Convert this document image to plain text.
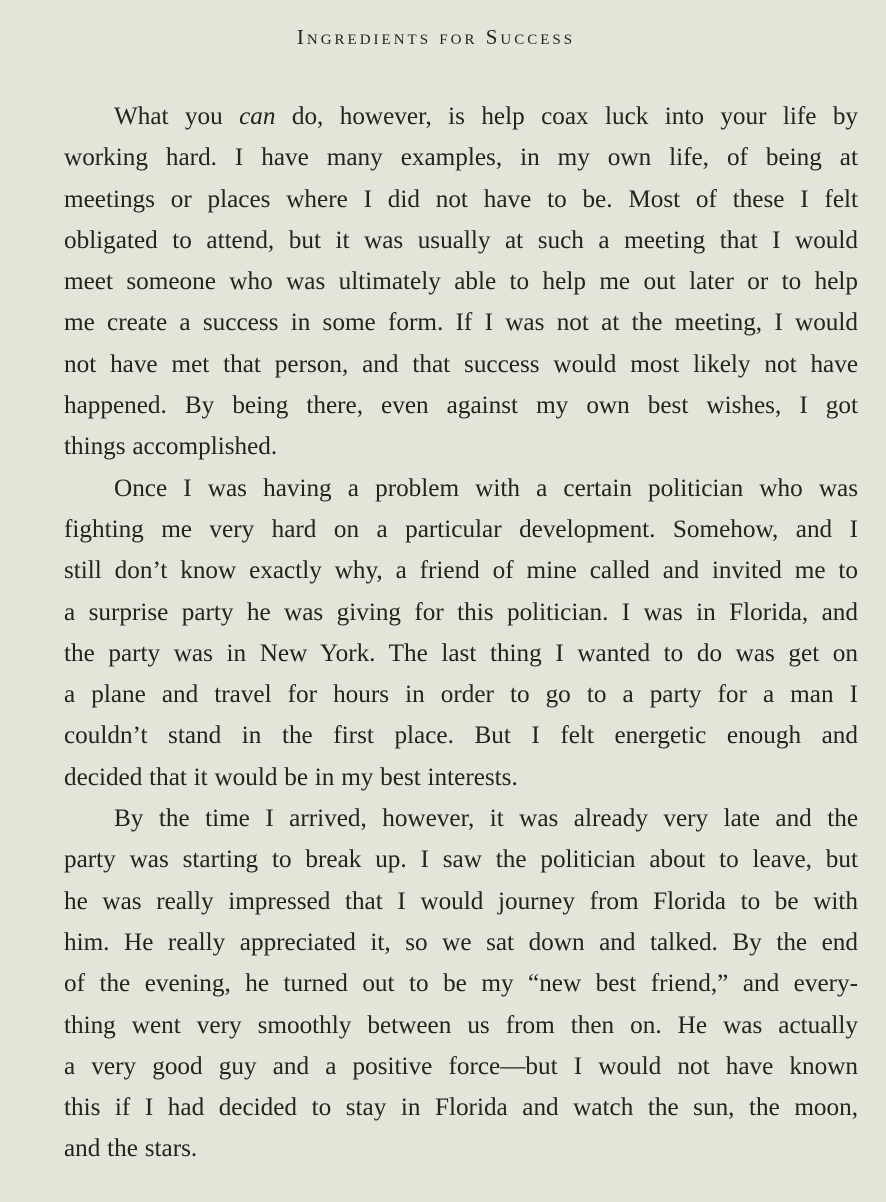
Ingredients for Success
What you can do, however, is help coax luck into your life by
working hard. I have many examples, in my own life, of being at
meetings or places where I did not have to be. Most of these I felt
obligated to attend, but it was usually at such a meeting that I would
meet someone who was ultimately able to help me out later or to help
me create a success in some form. If I was not at the meeting, I would
not have met that person, and that success would most likely not have
happened. By being there, even against my own best wishes, I got
things accomplished.
Once I was having a problem with a certain politician who was
fighting me very hard on a particular development. Somehow, and I
still don’t know exactly why, a friend of mine called and invited me to
a surprise party he was giving for this politician. I was in Florida, and
the party was in New York. The last thing I wanted to do was get on
a plane and travel for hours in order to go to a party for a man I
couldn’t stand in the first place. But I felt energetic enough and
decided that it would be in my best interests.
By the time I arrived, however, it was already very late and the
party was starting to break up. I saw the politician about to leave, but
he was really impressed that I would journey from Florida to be with
him. He really appreciated it, so we sat down and talked. By the end
of the evening, he turned out to be my “new best friend,” and every-
thing went very smoothly between us from then on. He was actually
a very good guy and a positive force—but I would not have known
this if I had decided to stay in Florida and watch the sun, the moon,
and the stars.
